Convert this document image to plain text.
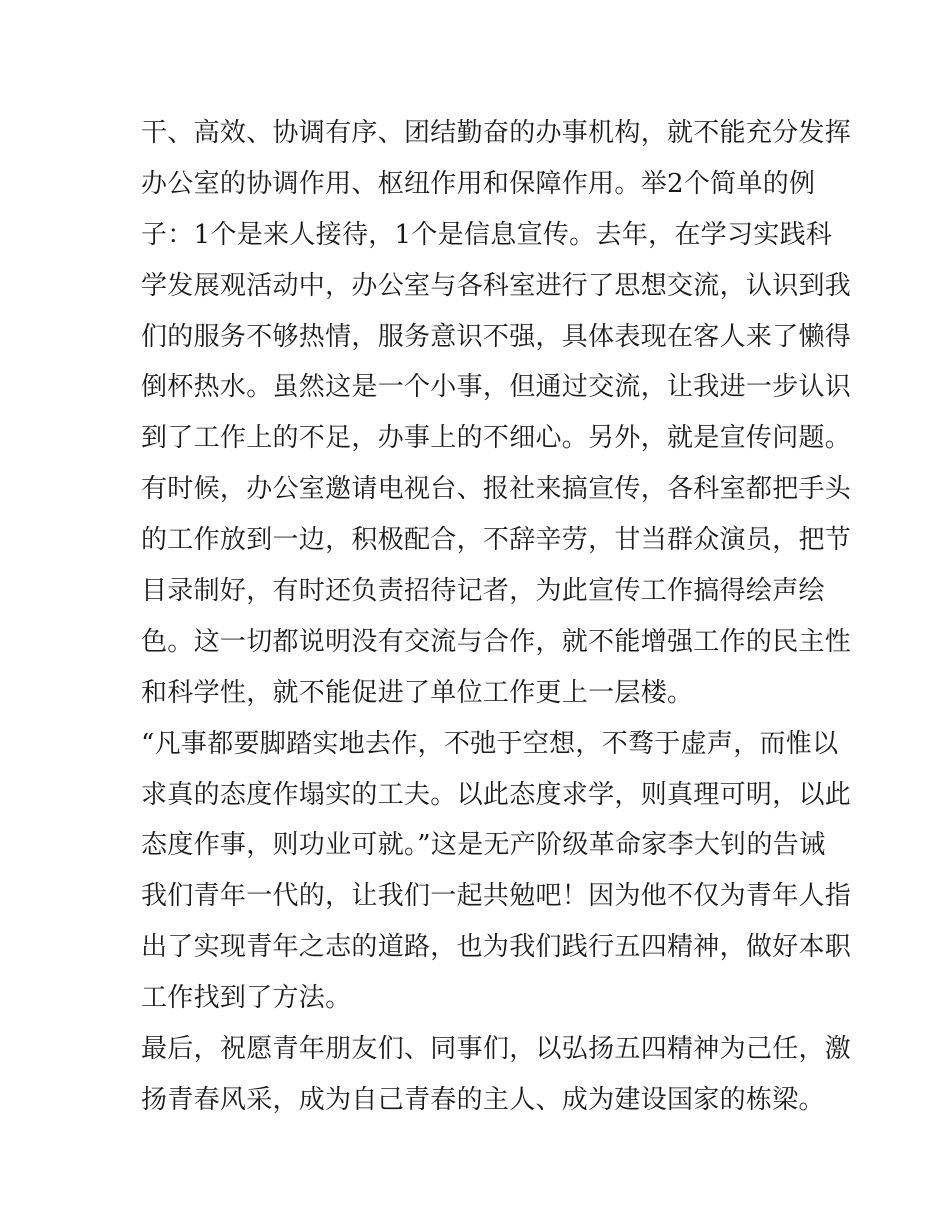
干、高效、协调有序、团结勤奋的办事机构，就不能充分发挥
办公室的协调作用、枢纽作用和保障作用。举2个简单的例
子：1个是来人接待，1个是信息宣传。去年，在学习实践科
学发展观活动中，办公室与各科室进行了思想交流，认识到我
们的服务不够热情，服务意识不强，具体表现在客人来了懒得
倒杯热水。虽然这是一个小事，但通过交流，让我进一步认识
到了工作上的不足，办事上的不细心。另外，就是宣传问题。
有时候，办公室邀请电视台、报社来搞宣传，各科室都把手头
的工作放到一边，积极配合，不辞辛劳，甘当群众演员，把节
目录制好，有时还负责招待记者，为此宣传工作搞得绘声绘
色。这一切都说明没有交流与合作，就不能增强工作的民主性
和科学性，就不能促进了单位工作更上一层楼。
“凡事都要脚踏实地去作，不弛于空想，不骛于虚声，而惟以
求真的态度作塌实的工夫。以此态度求学，则真理可明，以此
态度作事，则功业可就。”这是无产阶级革命家李大钊的告诫
我们青年一代的，让我们一起共勉吧！因为他不仅为青年人指
出了实现青年之志的道路，也为我们践行五四精神，做好本职
工作找到了方法。
最后，祝愿青年朋友们、同事们，以弘扬五四精神为己任，激
扬青春风采，成为自己青春的主人、成为建设国家的栋梁。
